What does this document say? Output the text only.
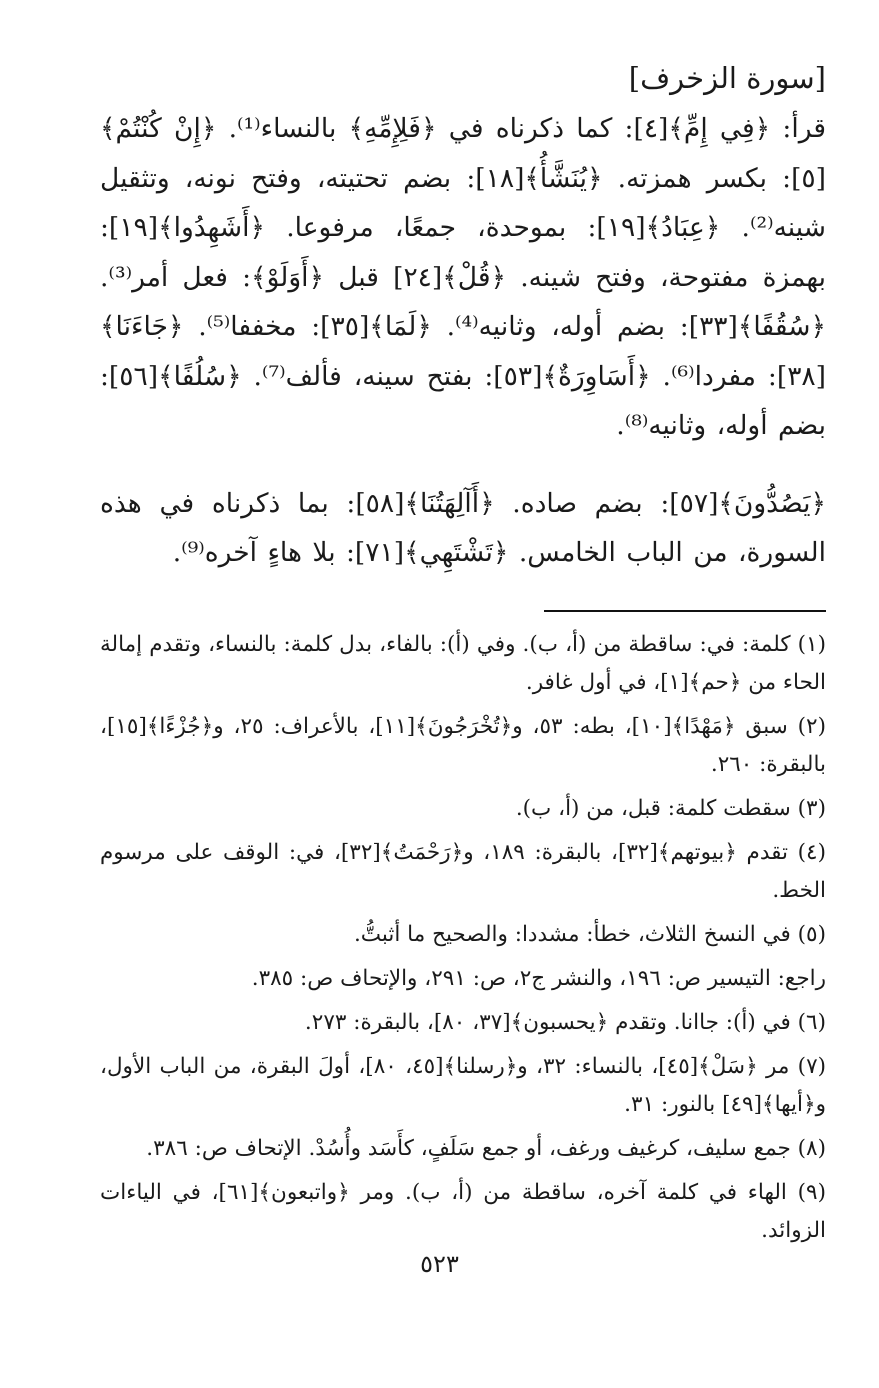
[سورة الزخرف]

قرأ: ﴿فِي إِمِّ﴾[٤]: كما ذكرناه في ﴿فَلِإِمِّهِ﴾ بالنساء⁽¹⁾. ﴿إِنْ كُنْتُمْ﴾[٥]: بكسر همزته. ﴿يُنَشَّأُ﴾[١٨]: بضم تحتيته، وفتح نونه، وتثقيل شينه⁽²⁾. ﴿عِبَادُ﴾[١٩]: بموحدة، جمعًا، مرفوعا. ﴿أَشَهِدُوا﴾[١٩]: بهمزة مفتوحة، وفتح شينه. ﴿قُلْ﴾[٢٤] قبل ﴿أَوَلَوْ﴾: فعل أمر⁽³⁾. ﴿سُقُفًا﴾[٣٣]: بضم أوله، وثانيه⁽⁴⁾. ﴿لَمَا﴾[٣٥]: مخففا⁽⁵⁾. ﴿جَاءَنَا﴾[٣٨]: مفردا⁽⁶⁾. ﴿أَسَاوِرَةٌ﴾[٥٣]: بفتح سينه، فألف⁽⁷⁾. ﴿سُلُفًا﴾[٥٦]: بضم أوله، وثانيه⁽⁸⁾.

﴿يَصُدُّونَ﴾[٥٧]: بضم صاده. ﴿أَآلِهَتُنَا﴾[٥٨]: بما ذكرناه في هذه السورة، من الباب الخامس. ﴿تَشْتَهِي﴾[٧١]: بلا هاءٍ آخره⁽⁹⁾.

(١) كلمة: في: ساقطة من (أ، ب). وفي (أ): بالفاء، بدل كلمة: بالنساء، وتقدم إمالة الحاء من ﴿حم﴾[١]، في أول غافر.
(٢) سبق ﴿مَهْدًا﴾[١٠]، بطه: ٥٣، و﴿تُخْرَجُونَ﴾[١١]، بالأعراف: ٢٥، و﴿جُزْءًا﴾[١٥]، بالبقرة: ٢٦٠.
(٣) سقطت كلمة: قبل، من (أ، ب).
(٤) تقدم ﴿بيوتهم﴾[٣٢]، بالبقرة: ١٨٩، و﴿رَحْمَتُ﴾[٣٢]، في: الوقف على مرسوم الخط.
(٥) في النسخ الثلاث، خطأ: مشددا: والصحيح ما أثبتُّ.
راجع: التيسير ص: ١٩٦، والنشر ج٢، ص: ٢٩١، والإتحاف ص: ٣٨٥.
(٦) في (أ): جاانا. وتقدم ﴿يحسبون﴾[٣٧، ٨٠]، بالبقرة: ٢٧٣.
(٧) مر ﴿سَلْ﴾[٤٥]، بالنساء: ٣٢، و﴿رسلنا﴾[٤٥، ٨٠]، أولَ البقرة، من الباب الأول، و﴿أيها﴾[٤٩] بالنور: ٣١.
(٨) جمع سليف، كرغيف ورغف، أو جمع سَلَفٍ، كأَسَد وأُسُدْ. الإتحاف ص: ٣٨٦.
(٩) الهاء في كلمة آخره، ساقطة من (أ، ب). ومر ﴿واتبعون﴾[٦١]، في الياءات الزوائد.
٥٢٣
